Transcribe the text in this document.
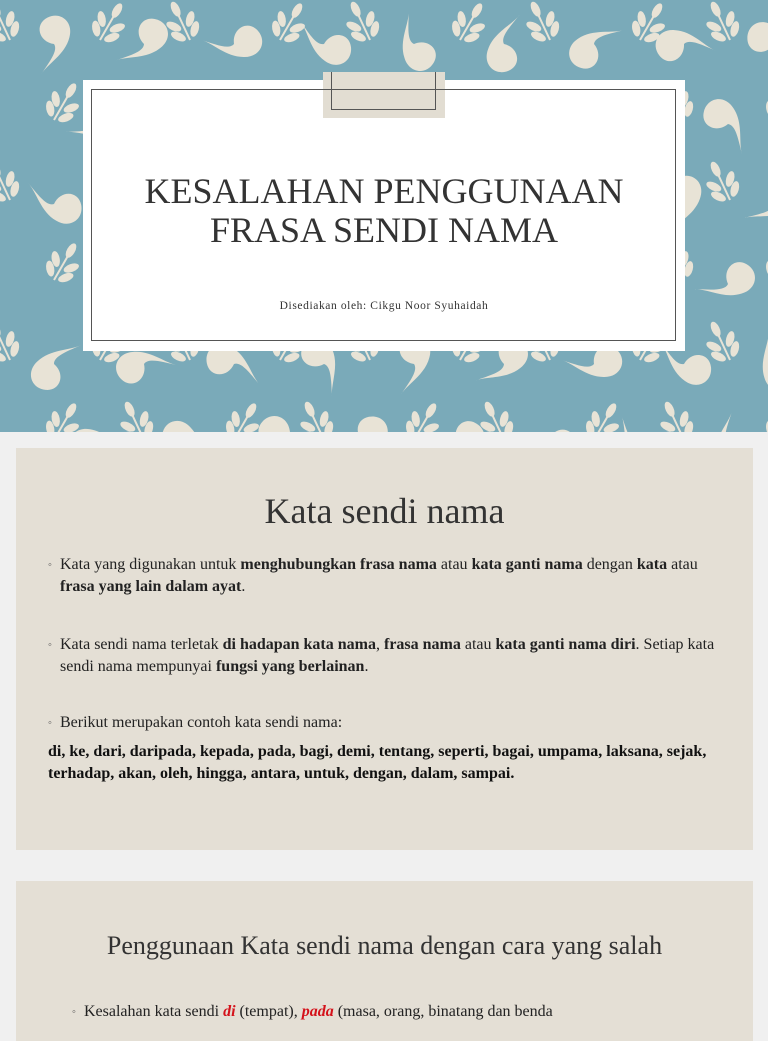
KESALAHAN PENGGUNAAN
FRASA SENDI NAMA
Disediakan oleh: Cikgu Noor Syuhaidah
Kata sendi nama
◦ Kata yang digunakan untuk menghubungkan frasa nama atau kata ganti nama dengan kata atau frasa yang lain dalam ayat.
◦ Kata sendi nama terletak di hadapan kata nama, frasa nama atau kata ganti nama diri. Setiap kata sendi nama mempunyai fungsi yang berlainan.
◦ Berikut merupakan contoh kata sendi nama:
di, ke, dari, daripada, kepada, pada, bagi, demi, tentang, seperti, bagai, umpama, laksana, sejak, terhadap, akan, oleh, hingga, antara, untuk, dengan, dalam, sampai.
Penggunaan Kata sendi nama dengan cara yang salah
◦ Kesalahan kata sendi di (tempat), pada (masa, orang, binatang dan benda
